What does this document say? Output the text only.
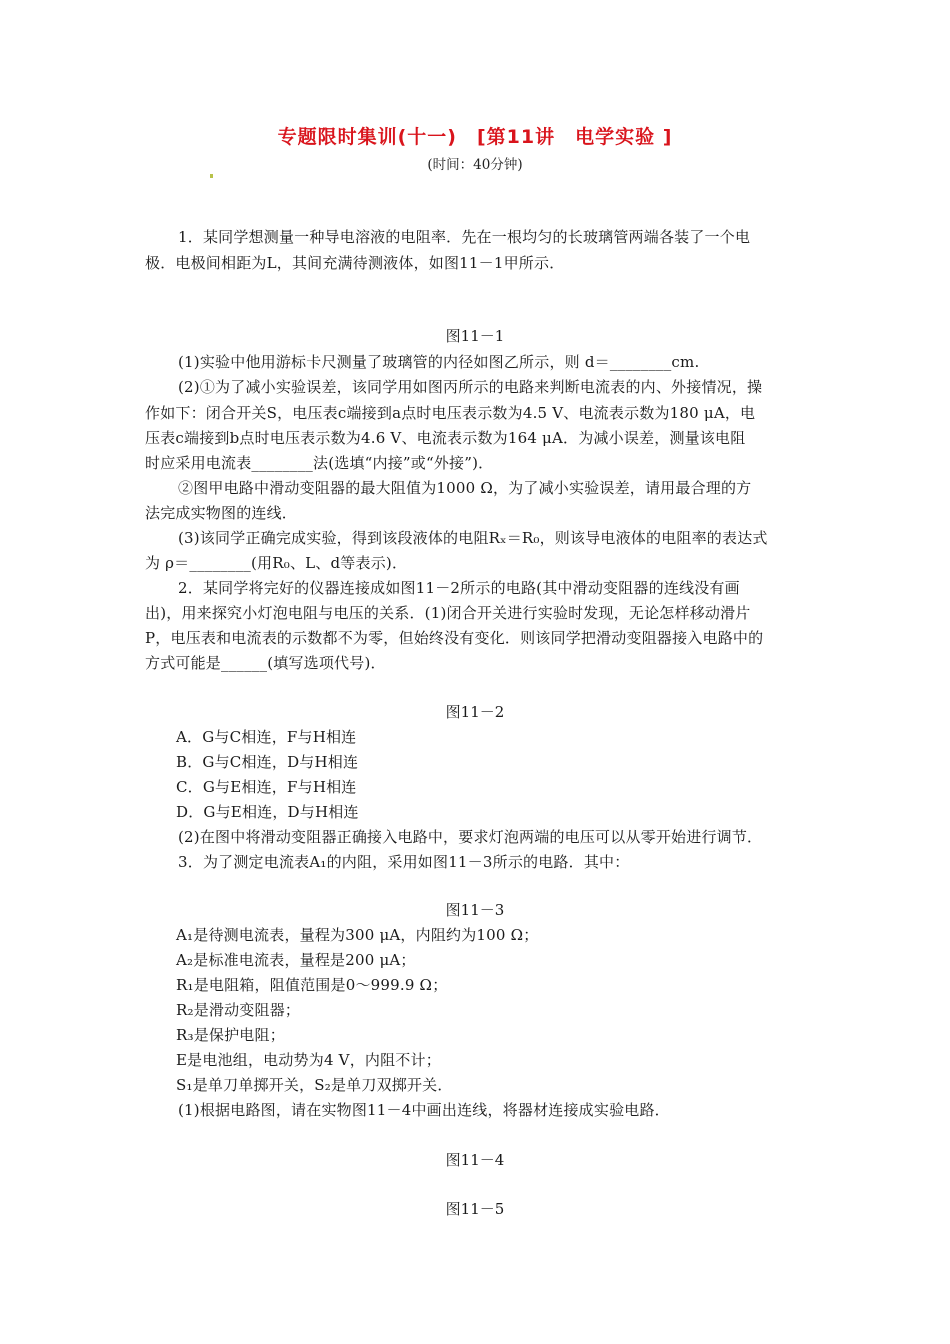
专题限时集训(十一)　[第11讲　电学实验 ]
(时间：40分钟)
1．某同学想测量一种导电溶液的电阻率．先在一根均匀的长玻璃管两端各装了一个电
极．电极间相距为L，其间充满待测液体，如图11－1甲所示．
图11－1
(1)实验中他用游标卡尺测量了玻璃管的内径如图乙所示，则 d＝________cm.
(2)①为了减小实验误差，该同学用如图丙所示的电路来判断电流表的内、外接情况，操
作如下：闭合开关S，电压表c端接到a点时电压表示数为4.5 V、电流表示数为180 μA，电
压表c端接到b点时电压表示数为4.6 V、电流表示数为164 μA．为减小误差，测量该电阻
时应采用电流表________法(选填“内接”或“外接”)．
②图甲电路中滑动变阻器的最大阻值为1000 Ω，为了减小实验误差，请用最合理的方
法完成实物图的连线．
(3)该同学正确完成实验，得到该段液体的电阻Rₓ＝R₀，则该导电液体的电阻率的表达式
为 ρ＝________(用R₀、L、d等表示)．
2．某同学将完好的仪器连接成如图11－2所示的电路(其中滑动变阻器的连线没有画
出)，用来探究小灯泡电阻与电压的关系．(1)闭合开关进行实验时发现，无论怎样移动滑片
P，电压表和电流表的示数都不为零，但始终没有变化．则该同学把滑动变阻器接入电路中的
方式可能是______(填写选项代号)．
图11－2
A．G与C相连，F与H相连
B．G与C相连，D与H相连
C．G与E相连，F与H相连
D．G与E相连，D与H相连
(2)在图中将滑动变阻器正确接入电路中，要求灯泡两端的电压可以从零开始进行调节．
3．为了测定电流表A₁的内阻，采用如图11－3所示的电路．其中：
图11－3
A₁是待测电流表，量程为300 μA，内阻约为100 Ω；
A₂是标准电流表，量程是200 μA；
R₁是电阻箱，阻值范围是0～999.9 Ω；
R₂是滑动变阻器；
R₃是保护电阻；
E是电池组，电动势为4 V，内阻不计；
S₁是单刀单掷开关，S₂是单刀双掷开关．
(1)根据电路图，请在实物图11－4中画出连线，将器材连接成实验电路．
图11－4
图11－5
